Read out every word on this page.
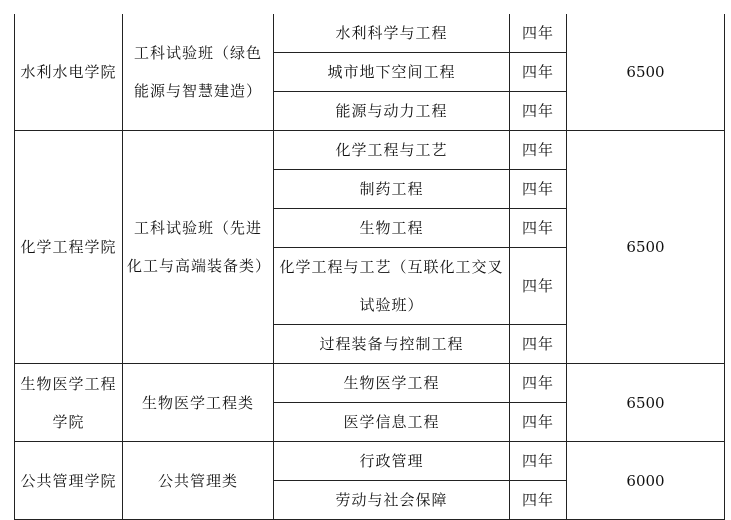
水利水电学院	工科试验班（绿色能源与智慧建造）	水利科学与工程	四年	6500
		城市地下空间工程	四年	
		能源与动力工程	四年	
化学工程学院	工科试验班（先进化工与高端装备类）	化学工程与工艺	四年	6500
		制药工程	四年	
		生物工程	四年	
		化学工程与工艺（互联化工交叉试验班）	四年	
		过程装备与控制工程	四年	
生物医学工程学院	生物医学工程类	生物医学工程	四年	6500
		医学信息工程	四年	
公共管理学院	公共管理类	行政管理	四年	6000
		劳动与社会保障	四年	
